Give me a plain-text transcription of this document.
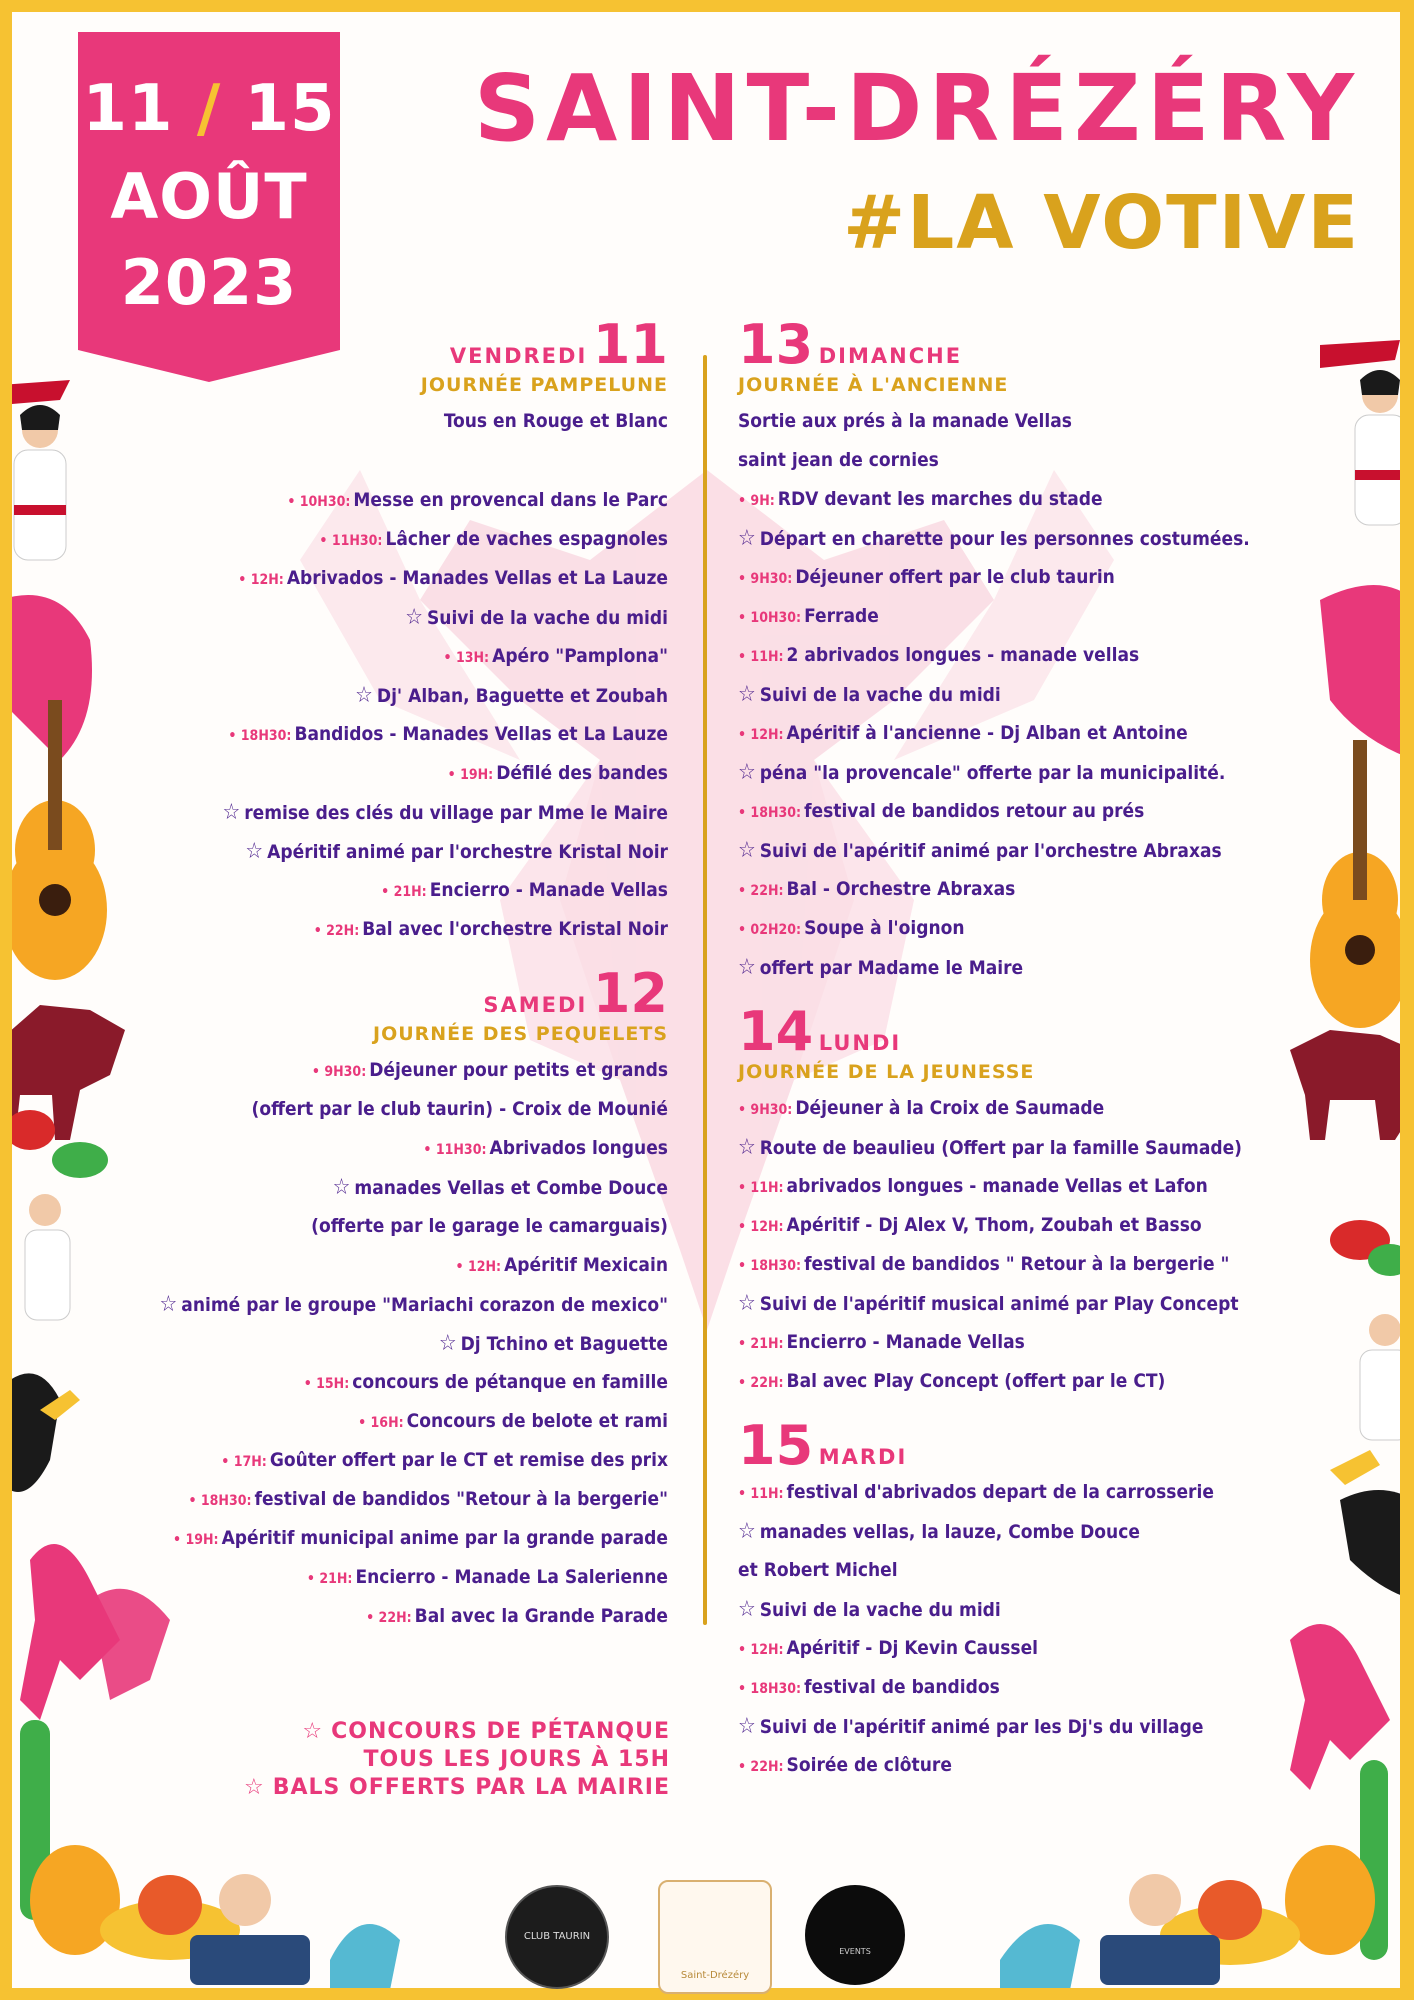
11 / 15
AOÛT
2023
SAINT-DRÉZÉRY
#LA VOTIVE
VENDREDI 11
JOURNÉE PAMPELUNE
Tous en Rouge et Blanc
• 10H30: Messe en provencal dans le Parc
• 11H30: Lâcher de vaches espagnoles
• 12H: Abrivados - Manades Vellas et La Lauze
☆ Suivi de la vache du midi
• 13H: Apéro "Pamplona"
☆ Dj' Alban, Baguette et Zoubah
• 18H30: Bandidos - Manades Vellas et La Lauze
• 19H: Défilé des bandes
☆ remise des clés du village par Mme le Maire
☆ Apéritif animé par l'orchestre Kristal Noir
• 21H: Encierro - Manade Vellas
• 22H: Bal avec l'orchestre Kristal Noir
SAMEDI 12
JOURNÉE DES PEQUELETS
• 9H30: Déjeuner pour petits et grands
(offert par le club taurin) - Croix de Mounié
• 11H30: Abrivados longues
☆ manades Vellas et Combe Douce
(offerte par le garage le camarguais)
• 12H: Apéritif Mexicain
☆ animé par le groupe "Mariachi corazon de mexico"
☆ Dj Tchino et Baguette
• 15H: concours de pétanque en famille
• 16H: Concours de belote et rami
• 17H: Goûter offert par le CT et remise des prix
• 18H30: festival de bandidos "Retour à la bergerie"
• 19H: Apéritif municipal anime par la grande parade
• 21H: Encierro - Manade La Salerienne
• 22H: Bal avec la Grande Parade
13 DIMANCHE
JOURNÉE À L'ANCIENNE
Sortie aux prés à la manade Vellas
saint jean de cornies
• 9H: RDV devant les marches du stade
☆ Départ en charette pour les personnes costumées.
• 9H30: Déjeuner offert par le club taurin
• 10H30: Ferrade
• 11H: 2 abrivados longues - manade vellas
☆ Suivi de la vache du midi
• 12H: Apéritif à l'ancienne - Dj Alban et Antoine
☆ péna "la provencale" offerte par la municipalité.
• 18H30: festival de bandidos retour au prés
☆ Suivi de l'apéritif animé par l'orchestre Abraxas
• 22H: Bal - Orchestre Abraxas
• 02H20: Soupe à l'oignon
☆ offert par Madame le Maire
14 LUNDI
JOURNÉE DE LA JEUNESSE
• 9H30: Déjeuner à la Croix de Saumade
☆ Route de beaulieu (Offert par la famille Saumade)
• 11H: abrivados longues - manade Vellas et Lafon
• 12H: Apéritif - Dj Alex V, Thom, Zoubah et Basso
• 18H30: festival de bandidos " Retour à la bergerie "
☆ Suivi de l'apéritif musical animé par Play Concept
• 21H: Encierro - Manade Vellas
• 22H: Bal avec Play Concept (offert par le CT)
15 MARDI
• 11H: festival d'abrivados depart de la carrosserie
☆ manades vellas, la lauze, Combe Douce
et Robert Michel
☆ Suivi de la vache du midi
• 12H: Apéritif - Dj Kevin Caussel
• 18H30: festival de bandidos
☆ Suivi de l'apéritif animé par les Dj's du village
• 22H: Soirée de clôture
☆ CONCOURS DE PÉTANQUE
TOUS LES JOURS À 15H
☆ BALS OFFERTS PAR LA MAIRIE
CLUB TAURIN
Saint-Drézéry
EVENTS
